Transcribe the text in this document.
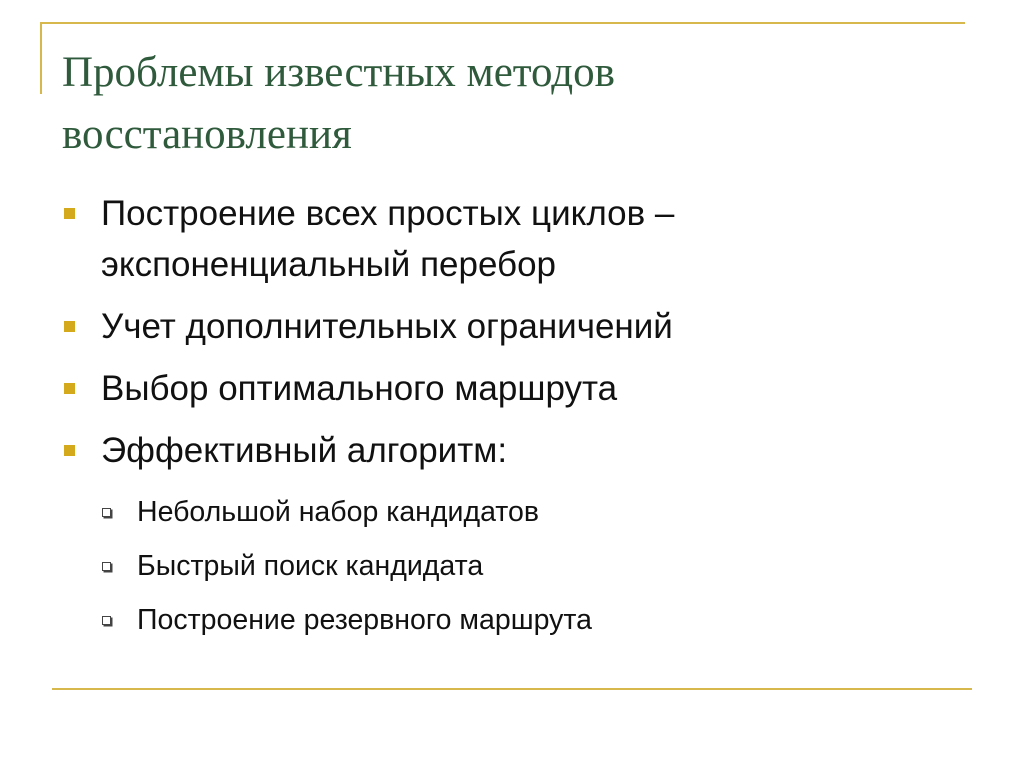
Проблемы известных методов
восстановления
Построение всех простых циклов –
экспоненциальный перебор
Учет дополнительных ограничений
Выбор оптимального маршрута
Эффективный алгоритм:
Небольшой набор кандидатов
Быстрый поиск кандидата
Построение резервного маршрута
